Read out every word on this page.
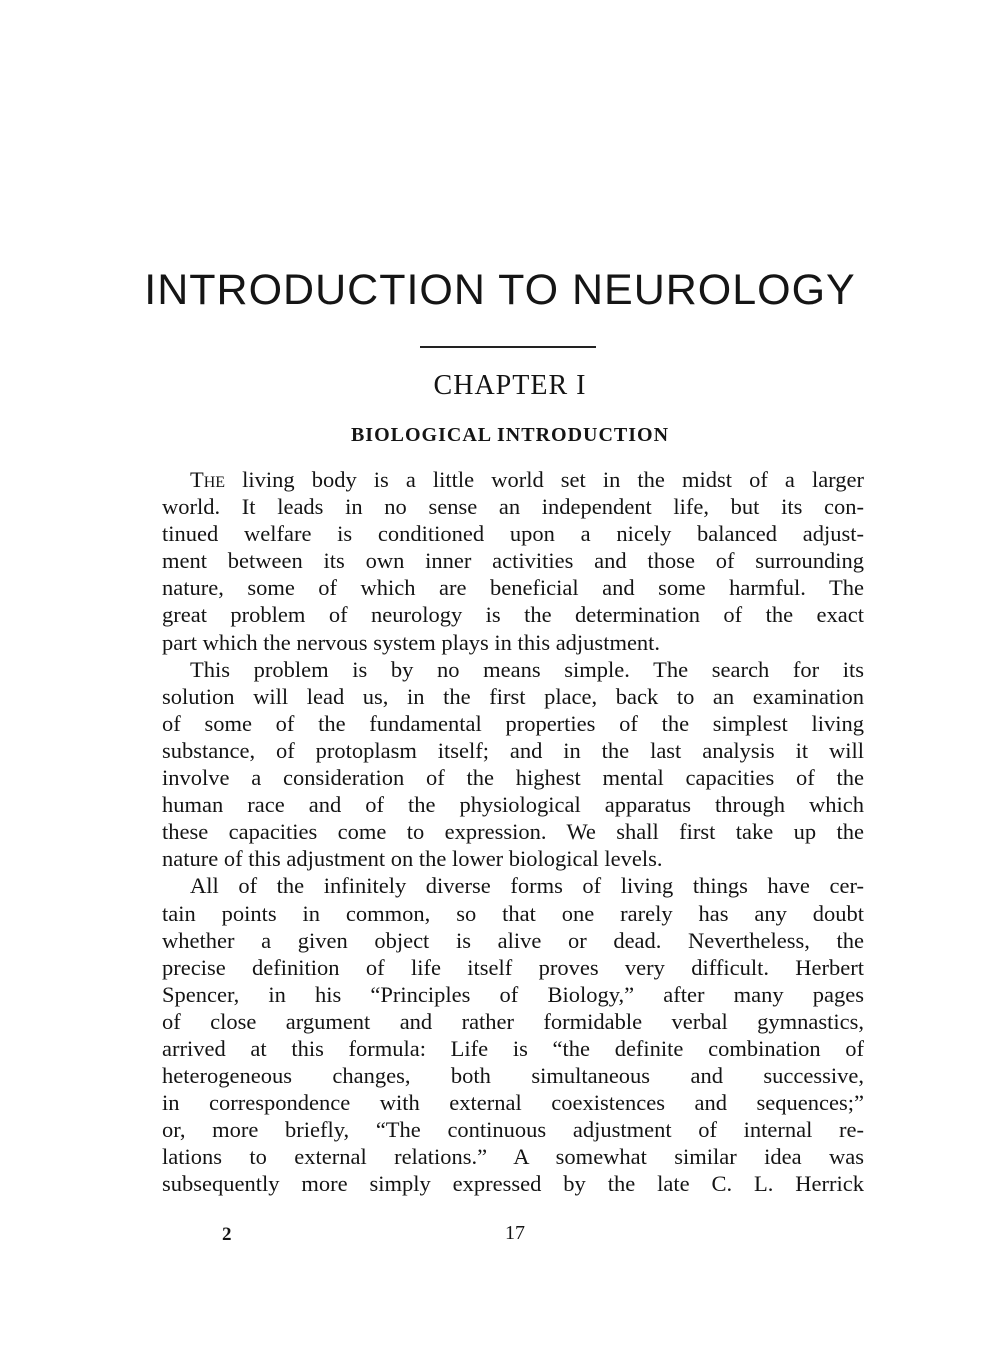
INTRODUCTION TO NEUROLOGY
CHAPTER I
BIOLOGICAL INTRODUCTION
The living body is a little world set in the midst of a larger
world. It leads in no sense an independent life, but its con-
tinued welfare is conditioned upon a nicely balanced adjust-
ment between its own inner activities and those of surrounding
nature, some of which are beneficial and some harmful. The
great problem of neurology is the determination of the exact
part which the nervous system plays in this adjustment.
This problem is by no means simple. The search for its
solution will lead us, in the first place, back to an examination
of some of the fundamental properties of the simplest living
substance, of protoplasm itself; and in the last analysis it will
involve a consideration of the highest mental capacities of the
human race and of the physiological apparatus through which
these capacities come to expression. We shall first take up the
nature of this adjustment on the lower biological levels.
All of the infinitely diverse forms of living things have cer-
tain points in common, so that one rarely has any doubt
whether a given object is alive or dead. Nevertheless, the
precise definition of life itself proves very difficult. Herbert
Spencer, in his “Principles of Biology,” after many pages
of close argument and rather formidable verbal gymnastics,
arrived at this formula: Life is “the definite combination of
heterogeneous changes, both simultaneous and successive,
in correspondence with external coexistences and sequences;”
or, more briefly, “The continuous adjustment of internal re-
lations to external relations.” A somewhat similar idea was
subsequently more simply expressed by the late C. L. Herrick
2	17
